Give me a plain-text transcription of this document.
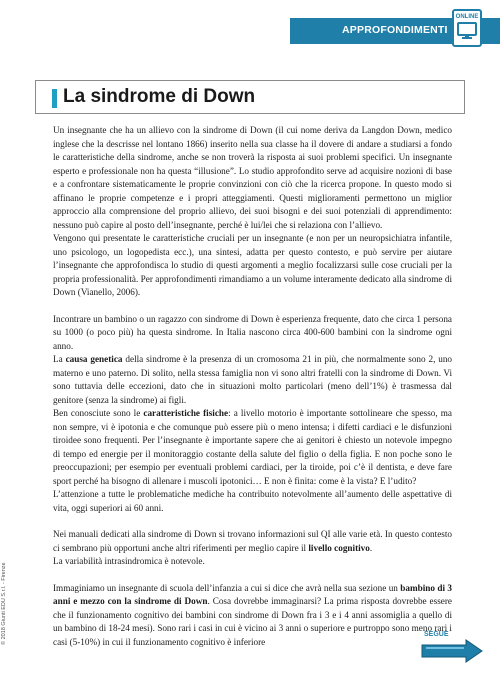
APPROFONDIMENTI
ONLINE
La sindrome di Down

Un insegnante che ha un allievo con la sindrome di Down (il cui nome deriva da Langdon Down, medico inglese che la descrisse nel lontano 1866) inserito nella sua classe ha il dovere di andare a studiarsi a fondo le caratteristiche della sindrome, anche se non troverà la risposta ai suoi problemi specifici. Un insegnante esperto e professionale non ha questa “illusione”. Lo studio approfondito serve ad acquisire nozioni di base e a confrontare sistematicamente le proprie convinzioni con ciò che la ricerca propone. In questo modo si affinano le proprie competenze e i propri atteggiamenti. Questi miglioramenti permettono un miglior approccio alla comprensione del proprio allievo, dei suoi bisogni e dei suoi potenziali di apprendimento: nessuno può capire al posto dell’insegnante, perché è lui/lei che si relaziona con l’allievo.

Vengono qui presentate le caratteristiche cruciali per un insegnante (e non per un neuropsichiatra infantile, uno psicologo, un logopedista ecc.), una sintesi, adatta per questo contesto, e può servire per aiutare l’insegnante che approfondisca lo studio di questi argomenti a meglio focalizzarsi sulle cose cruciali per la propria professionalità. Per approfondimenti rimandiamo a un volume interamente dedicato alla sindrome di Down (Vianello, 2006).

Incontrare un bambino o un ragazzo con sindrome di Down è esperienza frequente, dato che circa 1 persona su 1000 (o poco più) ha questa sindrome. In Italia nascono circa 400-600 bambini con la sindrome ogni anno.

La causa genetica della sindrome è la presenza di un cromosoma 21 in più, che normalmente sono 2, uno materno e uno paterno. Di solito, nella stessa famiglia non vi sono altri fratelli con la sindrome di Down. Vi sono tuttavia delle eccezioni, dato che in situazioni molto particolari (meno dell’1%) è trasmessa dal genitore (senza la sindrome) ai figli.

Ben conosciute sono le caratteristiche fisiche: a livello motorio è importante sottolineare che spesso, ma non sempre, vi è ipotonia e che comunque può essere più o meno intensa; i difetti cardiaci e le disfunzioni tiroidee sono frequenti. Per l’insegnante è importante sapere che ai genitori è chiesto un notevole impegno di tempo ed energie per il monitoraggio costante della salute del figlio o della figlia. E non poche sono le preoccupazioni; per esempio per eventuali problemi cardiaci, per la tiroide, poi c’è il dentista, e deve fare sport perché ha bisogno di allenare i muscoli ipotonici… E non è finita: come è la vista? E l’udito?

L’attenzione a tutte le problematiche mediche ha contribuito notevolmente all’aumento delle aspettative di vita, oggi superiori ai 60 anni.

Nei manuali dedicati alla sindrome di Down si trovano informazioni sul QI alle varie età. In questo contesto ci sembrano più opportuni anche altri riferimenti per meglio capire il livello cognitivo.

La variabilità intrasindromica è notevole.

Immaginiamo un insegnante di scuola dell’infanzia a cui si dice che avrà nella sua sezione un bambino di 3 anni e mezzo con la sindrome di Down. Cosa dovrebbe immaginarsi? La prima risposta dovrebbe essere che il funzionamento cognitivo dei bambini con sindrome di Down fra i 3 e i 4 anni assomiglia a quello di un bambino di 18-24 mesi). Sono rari i casi in cui è vicino ai 3 anni o superiore e purtroppo sono meno rari i casi (5-10%) in cui il funzionamento cognitivo è inferiore

© 2018 Giunti EDU S.r.l. - Firenze	SEGUE
